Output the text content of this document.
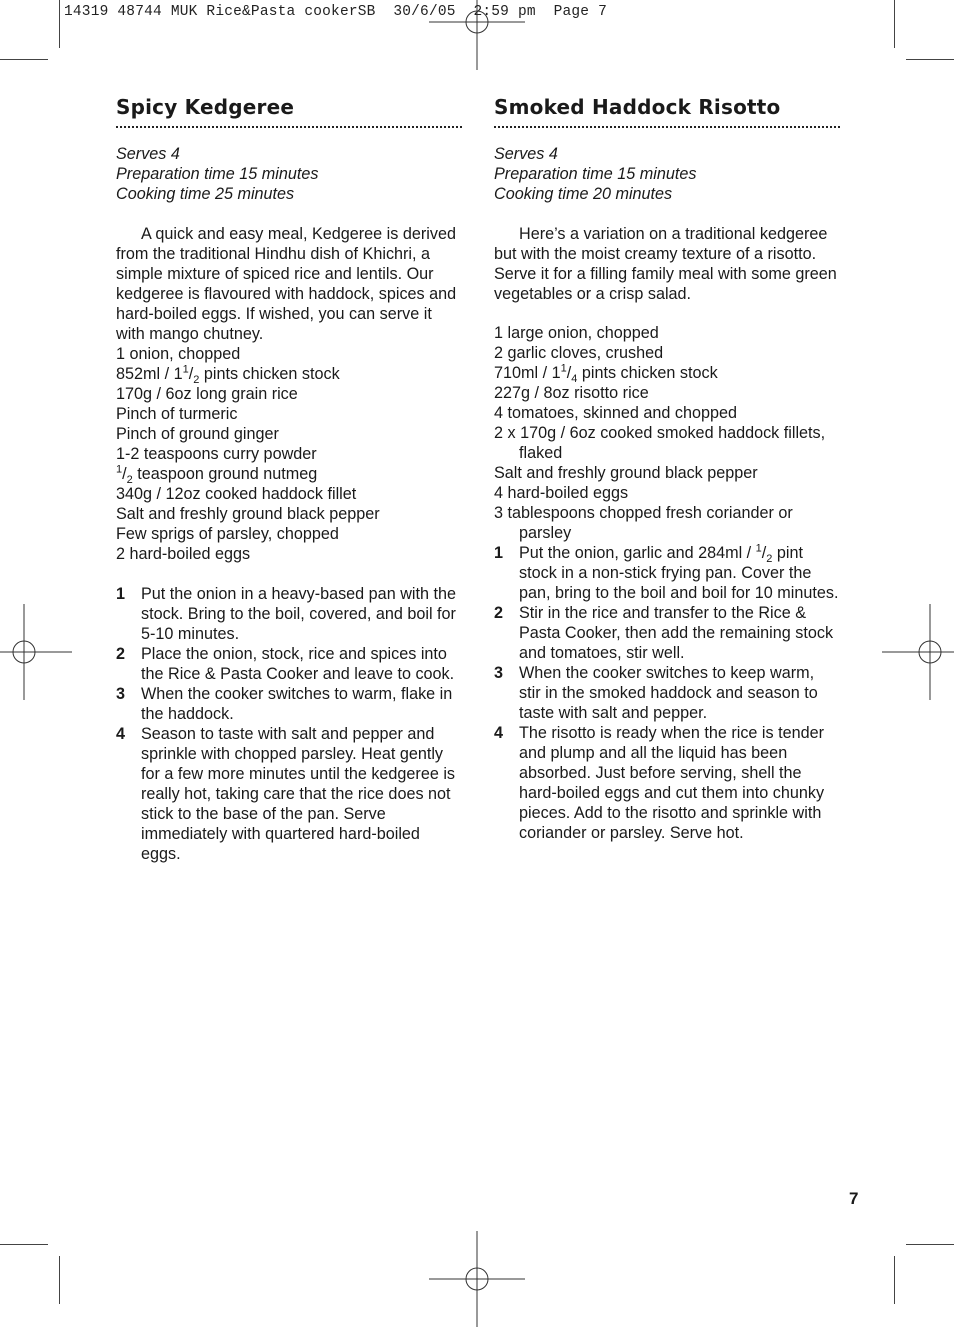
14319 48744 MUK Rice&Pasta cookerSB  30/6/05  2:59 pm  Page 7
Spicy Kedgeree
Serves 4
Preparation time 15 minutes
Cooking time 25 minutes

A quick and easy meal, Kedgeree is derived from the traditional Hindhu dish of Khichri, a simple mixture of spiced rice and lentils. Our kedgeree is flavoured with haddock, spices and hard-boiled eggs. If wished, you can serve it with mango chutney.

1 onion, chopped
$852ml / 1^1/_2$ pints chicken stock
170g / 6oz long grain rice
Pinch of turmeric
Pinch of ground ginger
1-2 teaspoons curry powder
$^1/_2$ teaspoon ground nutmeg
340g / 12oz cooked haddock fillet
Salt and freshly ground black pepper
Few sprigs of parsley, chopped
2 hard-boiled eggs
1 Put the onion in a heavy-based pan with the stock. Bring to the boil, covered, and boil for 5-10 minutes.
2 Place the onion, stock, rice and spices into the Rice & Pasta Cooker and leave to cook.
3 When the cooker switches to warm, flake in the haddock.
4 Season to taste with salt and pepper and sprinkle with chopped parsley. Heat gently for a few more minutes until the kedgeree is really hot, taking care that the rice does not stick to the base of the pan. Serve immediately with quartered hard-boiled eggs.
Smoked Haddock Risotto
Serves 4
Preparation time 15 minutes
Cooking time 20 minutes

Here’s a variation on a traditional kedgeree but with the moist creamy texture of a risotto. Serve it for a filling family meal with some green vegetables or a crisp salad.

1 large onion, chopped
2 garlic cloves, crushed
$710ml / 1^1/_4$ pints chicken stock
227g / 8oz risotto rice
4 tomatoes, skinned and chopped
2 x 170g / 6oz cooked smoked haddock fillets, flaked
Salt and freshly ground black pepper
4 hard-boiled eggs
3 tablespoons chopped fresh coriander or parsley
1 Put the onion, garlic and $284ml / ^1/_2$ pint stock in a non-stick frying pan. Cover the pan, bring to the boil and boil for 10 minutes.
2 Stir in the rice and transfer to the Rice & Pasta Cooker, then add the remaining stock and tomatoes, stir well.
3 When the cooker switches to keep warm, stir in the smoked haddock and season to taste with salt and pepper.
4 The risotto is ready when the rice is tender and plump and all the liquid has been absorbed. Just before serving, shell the hard-boiled eggs and cut them into chunky pieces. Add to the risotto and sprinkle with coriander or parsley. Serve hot.
7
